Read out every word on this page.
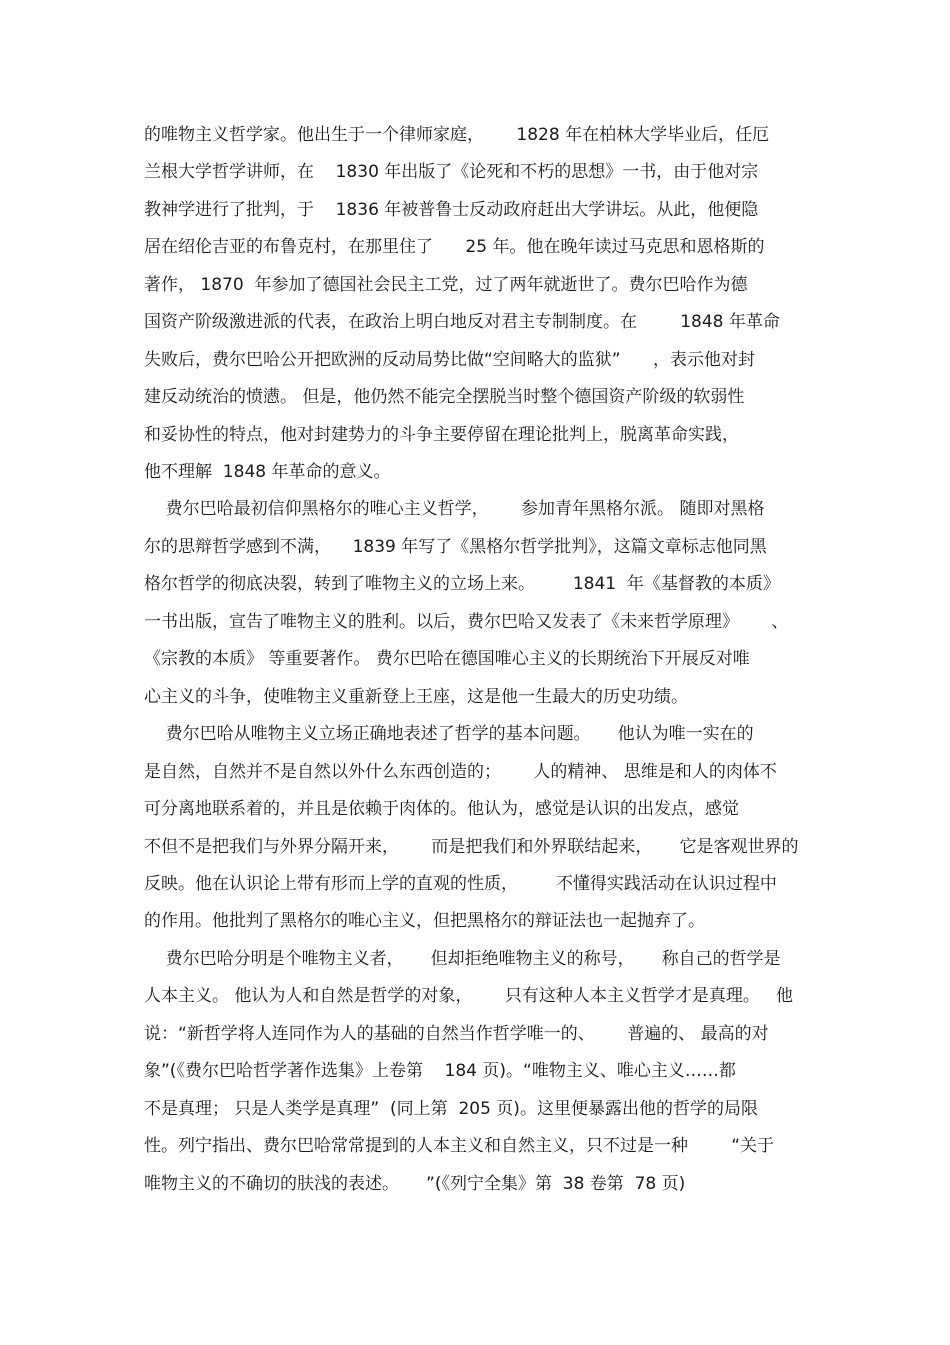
的唯物主义哲学家。他出生于一个律师家庭，      1828 年在柏林大学毕业后，任厄
兰根大学哲学讲师，在    1830 年出版了《论死和不朽的思想》一书，由于他对宗
教神学进行了批判，于    1836 年被普鲁士反动政府赶出大学讲坛。从此，他便隐
居在绍伦吉亚的布鲁克村，在那里住了      25 年。他在晚年读过马克思和恩格斯的
著作， 1870  年参加了德国社会民主工党，过了两年就逝世了。费尔巴哈作为德
国资产阶级激进派的代表，在政治上明白地反对君主专制制度。在        1848 年革命
失败后，费尔巴哈公开把欧洲的反动局势比做“空间略大的监狱”      ，表示他对封
建反动统治的愤懑。 但是，他仍然不能完全摆脱当时整个德国资产阶级的软弱性
和妥协性的特点，他对封建势力的斗争主要停留在理论批判上，脱离革命实践，
他不理解  1848 年革命的意义。
费尔巴哈最初信仰黑格尔的唯心主义哲学，      参加青年黑格尔派。 随即对黑格
尔的思辩哲学感到不满，    1839 年写了《黑格尔哲学批判》，这篇文章标志他同黑
格尔哲学的彻底决裂，转到了唯物主义的立场上来。       1841  年《基督教的本质》
一书出版，宣告了唯物主义的胜利。以后，费尔巴哈又发表了《未来哲学原理》      、
《宗教的本质》 等重要著作。 费尔巴哈在德国唯心主义的长期统治下开展反对唯
心主义的斗争，使唯物主义重新登上王座，这是他一生最大的历史功绩。
费尔巴哈从唯物主义立场正确地表述了哲学的基本问题。     他认为唯一实在的
是自然，自然并不是自然以外什么东西创造的；      人的精神、 思维是和人的肉体不
可分离地联系着的，并且是依赖于肉体的。他认为，感觉是认识的出发点，感觉
不但不是把我们与外界分隔开来，      而是把我们和外界联结起来，     它是客观世界的
反映。他在认识论上带有形而上学的直观的性质，       不懂得实践活动在认识过程中
的作用。他批判了黑格尔的唯心主义，但把黑格尔的辩证法也一起抛弃了。
费尔巴哈分明是个唯物主义者，     但却拒绝唯物主义的称号，     称自己的哲学是
人本主义。 他认为人和自然是哲学的对象，      只有这种人本主义哲学才是真理。   他
说：“新哲学将人连同作为人的基础的自然当作哲学唯一的、      普遍的、 最高的对
象”(《费尔巴哈哲学著作选集》上卷第    184 页)。“唯物主义、唯心主义……都
不是真理； 只是人类学是真理”  (同上第  205 页)。这里便暴露出他的哲学的局限
性。列宁指出、费尔巴哈常常提到的人本主义和自然主义，只不过是一种        “关于
唯物主义的不确切的肤浅的表述。     ”(《列宁全集》第  38 卷第  78 页)
